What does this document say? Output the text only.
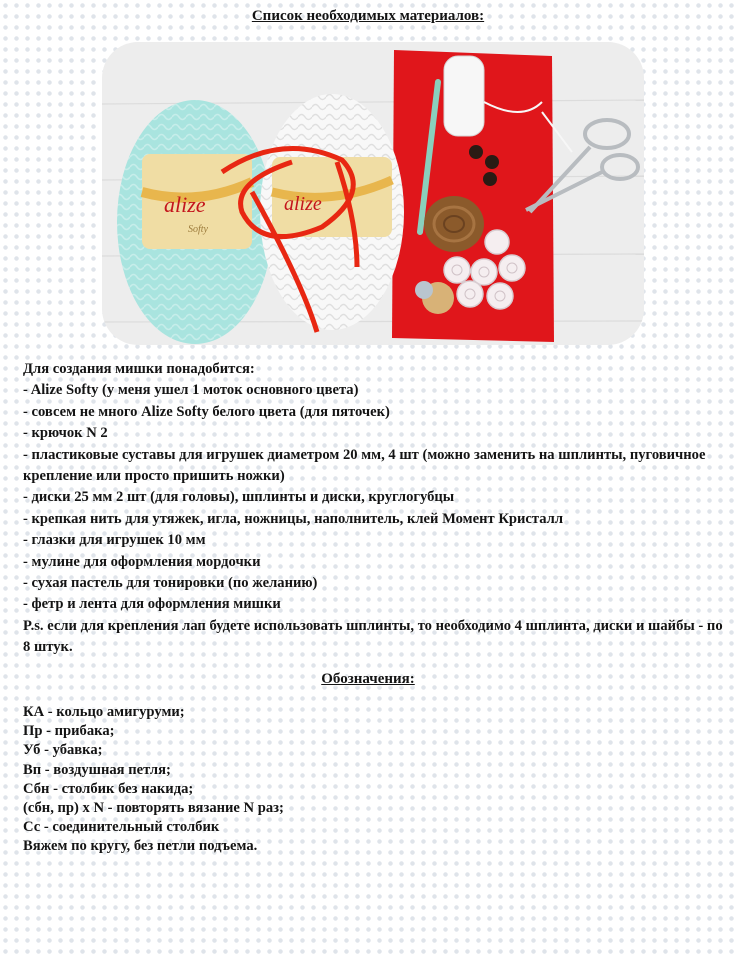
Список необходимых материалов:
alize
Softy
alize
Для создания мишки понадобится:
- Alize Softy (у меня ушел 1 моток основного цвета)
- совсем не много Alize Softy белого цвета (для пяточек)
- крючок N 2
- пластиковые суставы для игрушек диаметром 20 мм, 4 шт (можно заменить на шплинты, пуговичное крепление или просто пришить ножки)
- диски 25 мм 2 шт (для головы), шплинты и диски, круглогубцы
- крепкая нить для утяжек, игла, ножницы, наполнитель, клей Момент Кристалл
- глазки для игрушек 10 мм
- мулине для оформления мордочки
- сухая пастель для тонировки (по желанию)
- фетр и лента для оформления мишки
P.s. если для крепления лап будете использовать шплинты, то необходимо 4 шплинта, диски и шайбы - по 8 штук.
Обозначения:
КА - кольцо амигуруми;
Пр - прибака;
Уб - убавка;
Вп - воздушная петля;
Сбн - столбик без накида;
(сбн, пр) x N - повторять вязание N раз;
Сс - соединительный столбик
Вяжем по кругу, без петли подъема.
